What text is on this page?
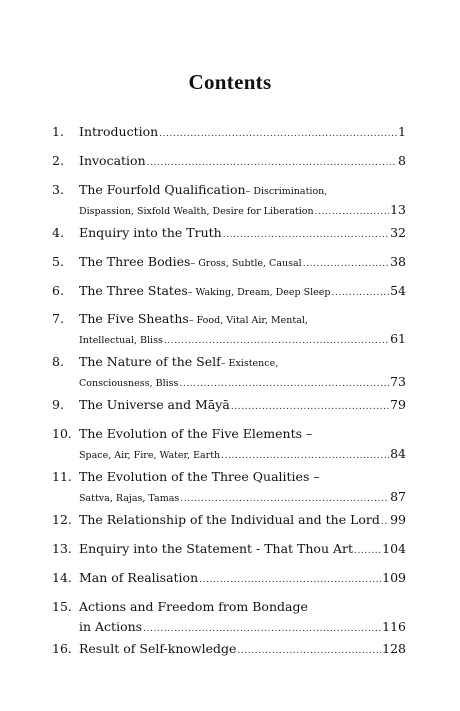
Contents
1. Introduction .....	1
2. Invocation .....	8
3. The Fourfold Qualification – Discrimination,
Dispassion, Sixfold Wealth, Desire for Liberation .....	13
4. Enquiry into the Truth .....	32
5. The Three Bodies – Gross, Subtle, Causal .....	38
6. The Three States – Waking, Dream, Deep Sleep .....	54
7. The Five Sheaths – Food, Vital Air, Mental,
Intellectual, Bliss .....	61
8. The Nature of the Self – Existence,
Consciousness, Bliss .....	73
9. The Universe and Māyā .....	79
10. The Evolution of the Five Elements –
Space, Air, Fire, Water, Earth .....	84
11. The Evolution of the Three Qualities –
Sattva, Rajas, Tamas .....	87
12. The Relationship of the Individual and the Lord ..... 99
13. Enquiry into the Statement - That Thou Art ..... 104
14. Man of Realisation .....	109
15. Actions and Freedom from Bondage
in Actions .....	116
16. Result of Self-knowledge .....	128
